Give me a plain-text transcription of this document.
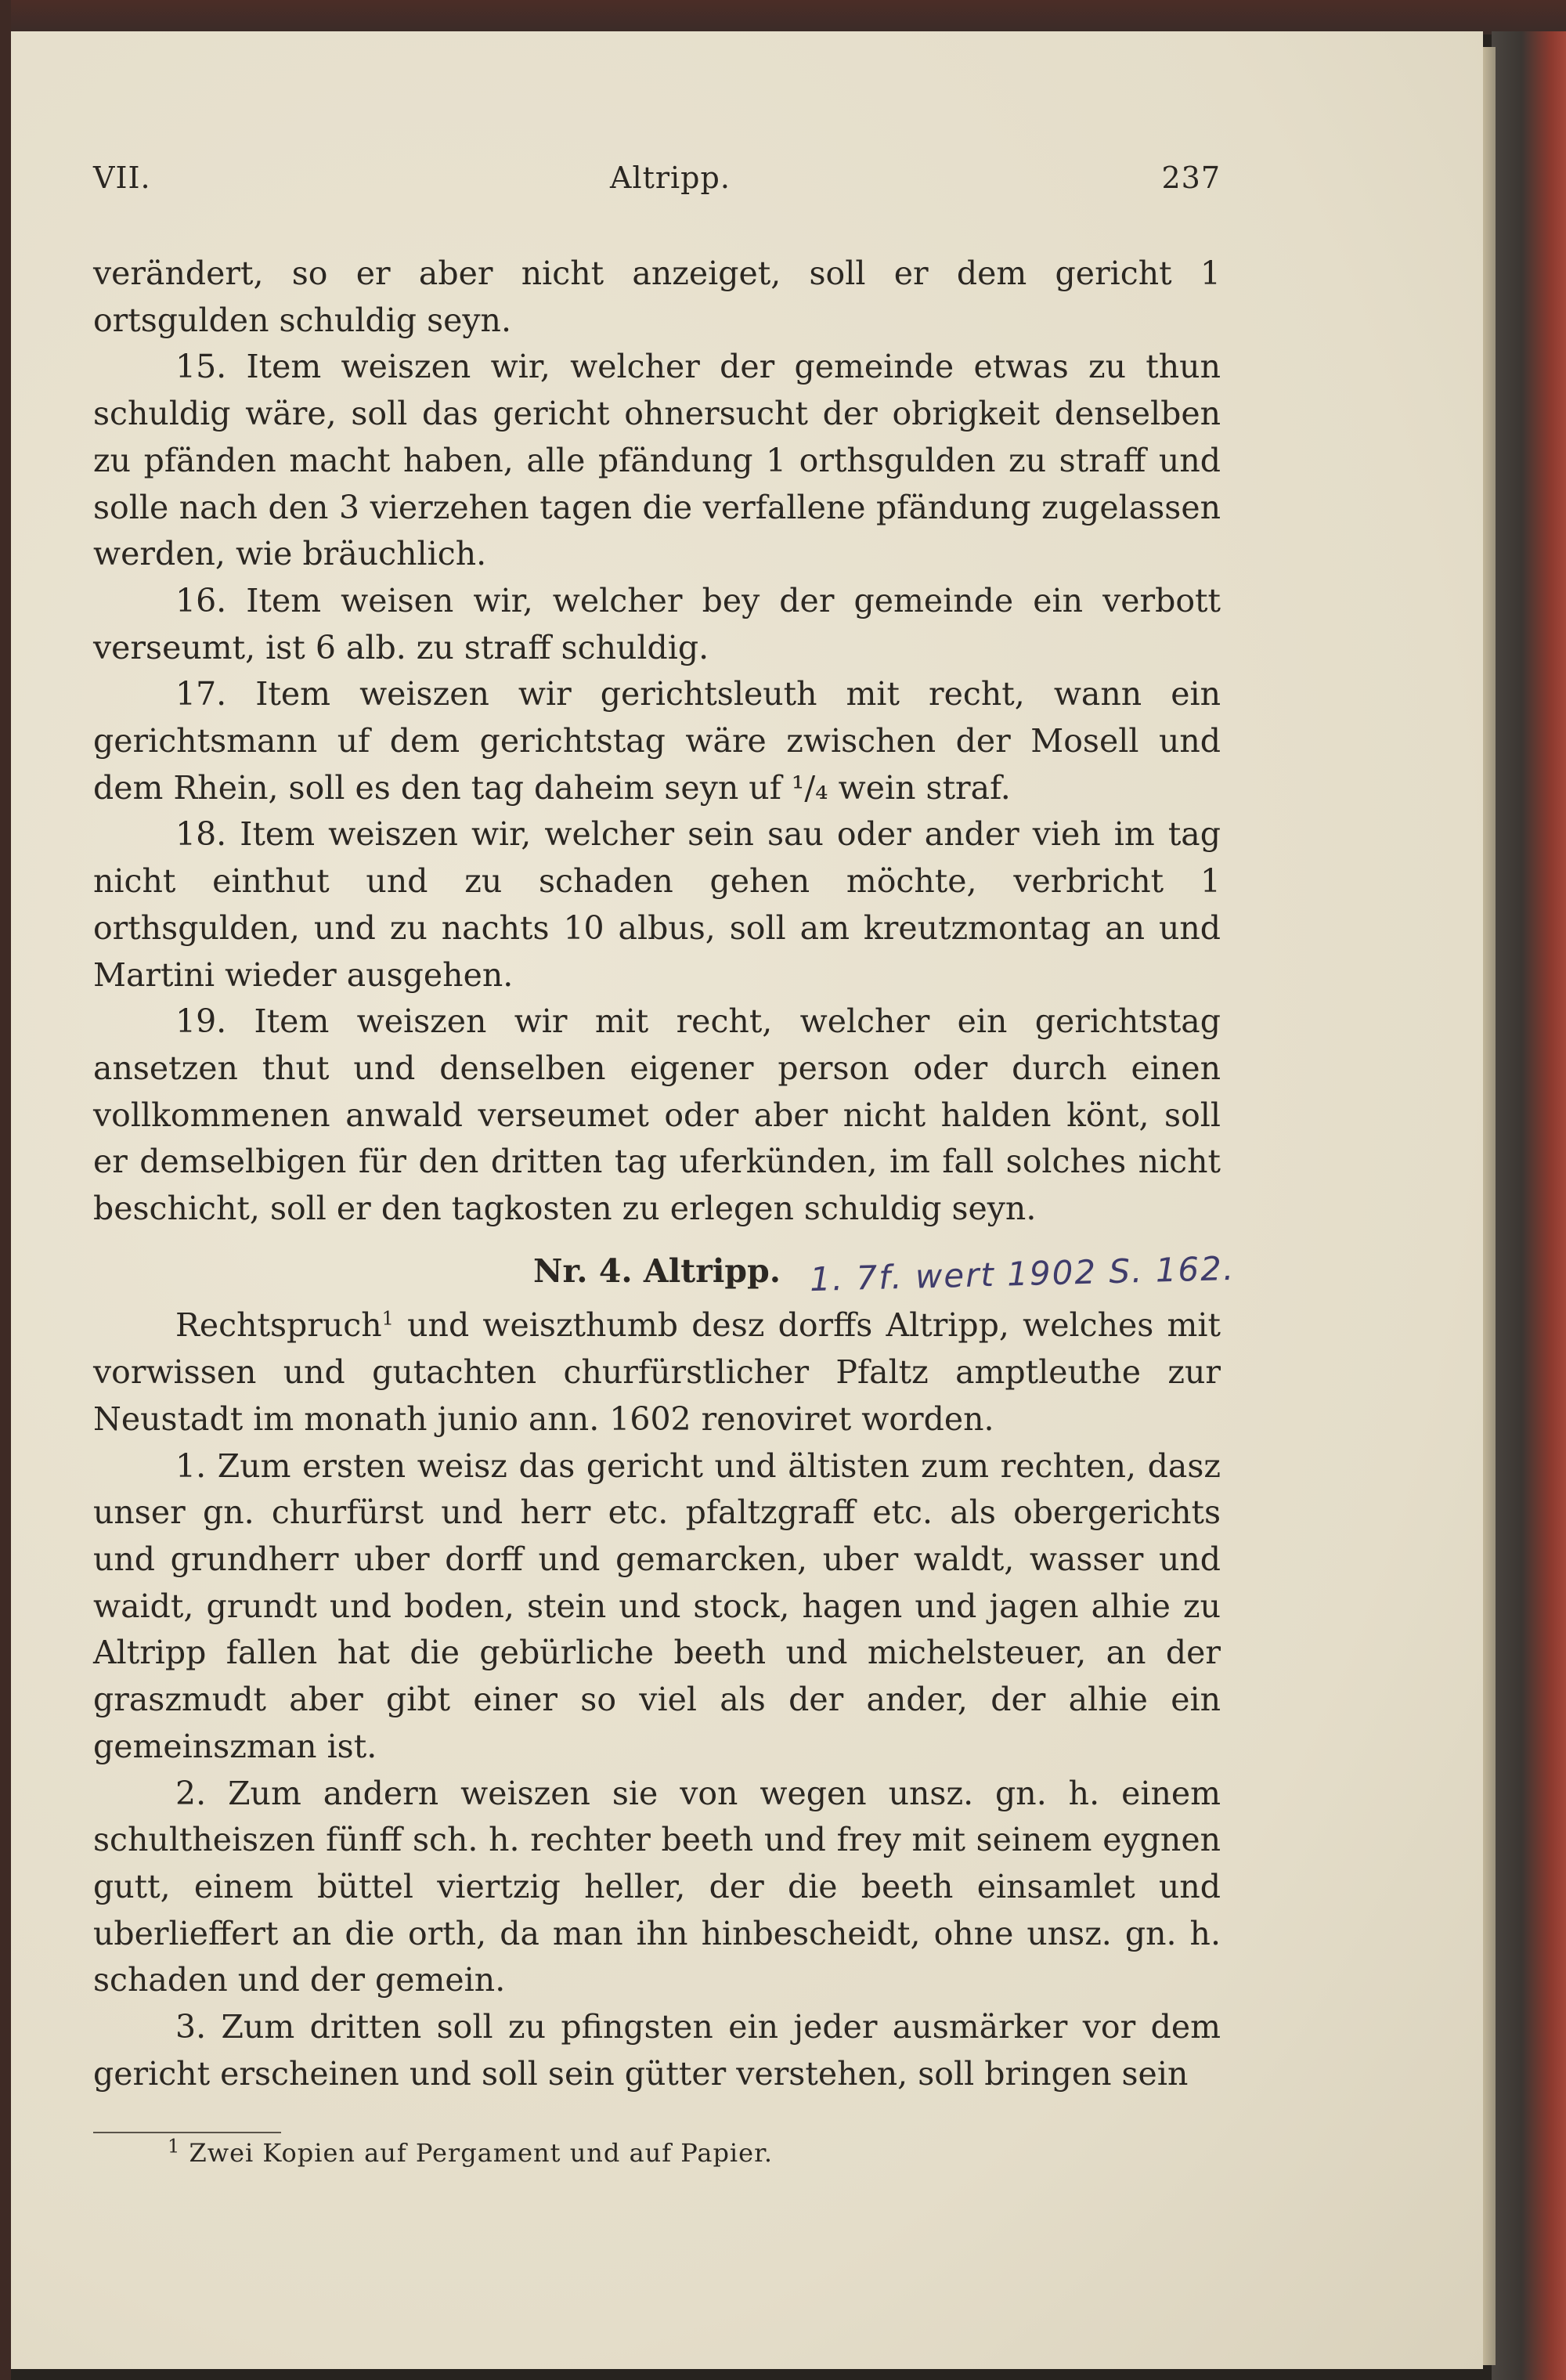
VII.	Altripp.	237

verändert, so er aber nicht anzeiget, soll er dem gericht 1 ortsgulden schuldig seyn.

15. Item weiszen wir, welcher der gemeinde etwas zu thun schuldig wäre, soll das gericht ohnersucht der obrigkeit denselben zu pfänden macht haben, alle pfändung 1 orthsgulden zu straff und solle nach den 3 vierzehen tagen die verfallene pfändung zugelassen werden, wie bräuchlich.

16. Item weisen wir, welcher bey der gemeinde ein verbott verseumt, ist 6 alb. zu straff schuldig.

17. Item weiszen wir gerichtsleuth mit recht, wann ein gerichtsmann uf dem gerichtstag wäre zwischen der Mosell und dem Rhein, soll es den tag daheim seyn uf ¹/₄ wein straf.

18. Item weiszen wir, welcher sein sau oder ander vieh im tag nicht einthut und zu schaden gehen möchte, verbricht 1 orthsgulden, und zu nachts 10 albus, soll am kreutzmontag an und Martini wieder ausgehen.

19. Item weiszen wir mit recht, welcher ein gerichtstag ansetzen thut und denselben eigener person oder durch einen vollkommenen anwald verseumet oder aber nicht halden könt, soll er demselbigen für den dritten tag uferkünden, im fall solches nicht beschicht, soll er den tagkosten zu erlegen schuldig seyn.

Nr. 4. Altripp.

Rechtspruch$^1$ und weiszthumb desz dorffs Altripp, welches mit vorwissen und gutachten churfürstlicher Pfaltz amptleuthe zur Neustadt im monath junio ann. 1602 renoviret worden.

1. Zum ersten weisz das gericht und ältisten zum rechten, dasz unser gn. churfürst und herr etc. pfaltzgraff etc. als obergerichts und grundherr uber dorff und gemarcken, uber waldt, wasser und waidt, grundt und boden, stein und stock, hagen und jagen alhie zu Altripp fallen hat die gebürliche beeth und michelsteuer, an der graszmudt aber gibt einer so viel als der ander, der alhie ein gemeinszman ist.

2. Zum andern weiszen sie von wegen unsz. gn. h. einem schultheiszen fünff sch. h. rechter beeth und frey mit seinem eygnen gutt, einem büttel viertzig heller, der die beeth einsamlet und uberlieffert an die orth, da man ihn hinbescheidt, ohne unsz. gn. h. schaden und der gemein.

3. Zum dritten soll zu pfingsten ein jeder ausmärker vor dem gericht erscheinen und soll sein gütter verstehen, soll bringen sein

1. 7f. wert 1902 S. 162.
$^1$ Zwei Kopien auf Pergament und auf Papier.
